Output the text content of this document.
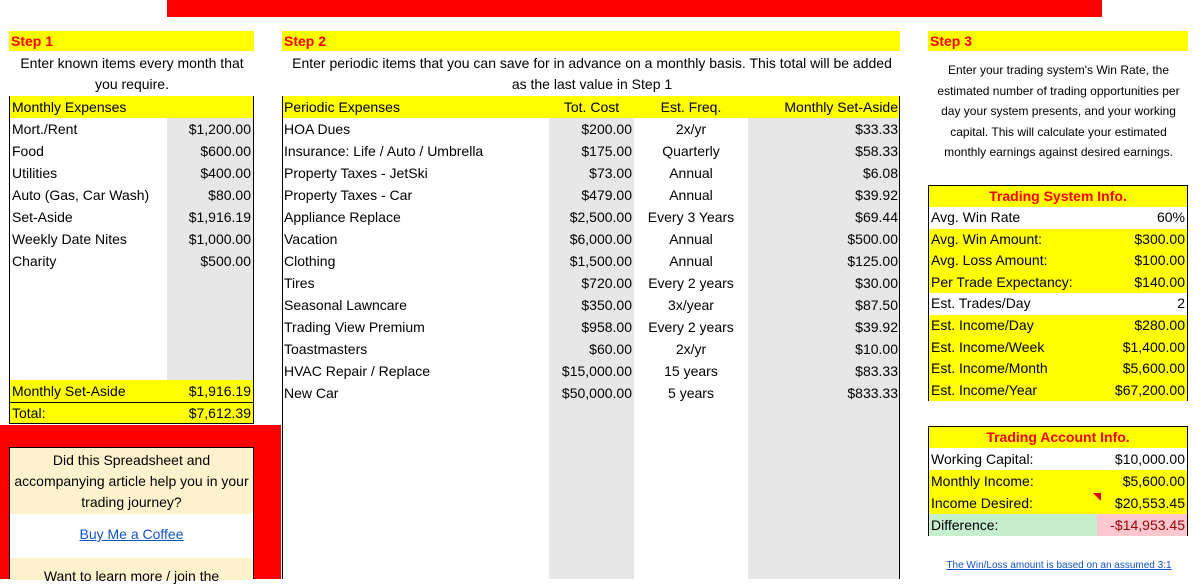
Step 1
Enter known items every month that you require.
Monthly Expenses
Mort./Rent	$1,200.00
Food	$600.00
Utilities	$400.00
Auto (Gas, Car Wash)	$80.00
Set-Aside	$1,916.19
Weekly Date Nites	$1,000.00
Charity	$500.00
Monthly Set-Aside	$1,916.19
Total:	$7,612.39
Did this Spreadsheet and accompanying article help you in your trading journey?
Buy Me a Coffee
Want to learn more / join the
Step 2
Enter periodic items that you can save for in advance on a monthly basis. This total will be added as the last value in Step 1
Periodic Expenses	Tot. Cost	Est. Freq.	Monthly Set-Aside
HOA Dues	$200.00	2x/yr	$33.33
Insurance: Life / Auto / Umbrella	$175.00	Quarterly	$58.33
Property Taxes - JetSki	$73.00	Annual	$6.08
Property Taxes - Car	$479.00	Annual	$39.92
Appliance Replace	$2,500.00	Every 3 Years	$69.44
Vacation	$6,000.00	Annual	$500.00
Clothing	$1,500.00	Annual	$125.00
Tires	$720.00	Every 2 years	$30.00
Seasonal Lawncare	$350.00	3x/year	$87.50
Trading View Premium	$958.00	Every 2 years	$39.92
Toastmasters	$60.00	2x/yr	$10.00
HVAC Repair / Replace	$15,000.00	15 years	$83.33
New Car	$50,000.00	5 years	$833.33
Step 3
Enter your trading system's Win Rate, the estimated number of trading opportunities per day your system presents, and your working capital. This will calculate your estimated monthly earnings against desired earnings.
Trading System Info.
Avg. Win Rate	60%
Avg. Win Amount:	$300.00
Avg. Loss Amount:	$100.00
Per Trade Expectancy:	$140.00
Est. Trades/Day	2
Est. Income/Day	$280.00
Est. Income/Week	$1,400.00
Est. Income/Month	$5,600.00
Est. Income/Year	$67,200.00
Trading Account Info.
Working Capital:	$10,000.00
Monthly Income:	$5,600.00
Income Desired:	$20,553.45
Difference:	-$14,953.45
The Win/Loss amount is based on an assumed 3:1
